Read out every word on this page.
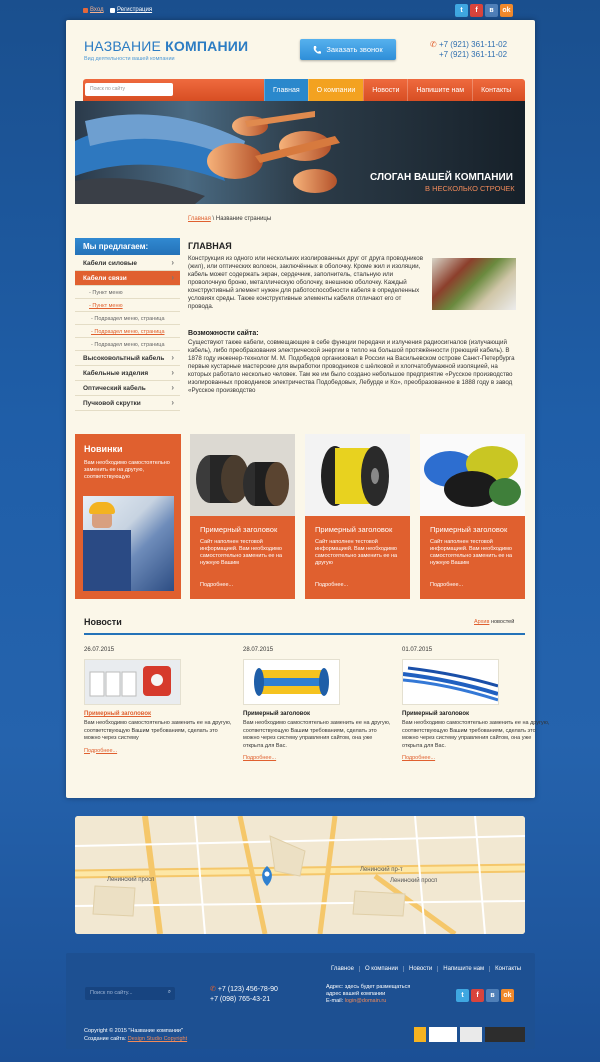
Вход Регистрация	t	f	в	ok
НАЗВАНИЕ КОМПАНИИ
Вид деятельности вашей компании
Заказать звонок
✆ +7 (921) 361-11-02
+7 (921) 361-11-02
Поиск по сайту	Главная	О компании	Новости	Напишите нам	Контакты
СЛОГАН ВАШЕЙ КОМПАНИИ
В НЕСКОЛЬКО СТРОЧЕК
Главная \ Название страницы
Мы предлагаем:
Кабели силовые ›
Кабели связи ›
- Пункт меню
- Пункт меню
- Подраздел меню, страница
- Подраздел меню, страница
- Подраздел меню, страница
Высоковольтный кабель ›
Кабельные изделия ›
Оптический кабель ›
Пучковой скрутки ›
ГЛАВНАЯ
Конструкция из одного или нескольких изолированных друг от друга проводников (жил), или оптических волокон, заключённых в оболочку. Кроме жил и изоляции, кабель может содержать экран, сердечник, заполнитель, стальную или проволочную броню, металлическую оболочку, внешнюю оболочку. Каждый конструктивный элемент нужен для работоспособности кабеля в определенных условиях среды. Также конструктивные элементы кабеля отличают его от провода.
Возможности сайта:
Существуют также кабели, совмещающие в себе функции передачи и излучения радиосигналов (излучающий кабель), либо преобразования электрической энергии в тепло на большой протяжённости (греющий кабель). В 1878 году инженер-технолог М. М. Подобедов организовал в России на Васильевском острове Санкт-Петербурга первые кустарные мастерские для выработки проводников с шёлковой и хлопчатобумажной изоляцией, на которых работало несколько человек. Там же им было создано небольшое предприятие «Русское производство изолированных проводников электричества Подобедовых, Лебурде и Ко», преобразованное в 1888 году в завод «Русское производство
Новинки
Вам необходимо самостоятельно заменить ее на другую, соответствующую
Примерный заголовок
Сайт наполнен тестовой информацией. Вам необходимо самостоятельно заменить ее на нужную Вашим
Подробнее...
Примерный заголовок
Сайт наполнен тестовой информацией. Вам необходимо самостоятельно заменить ее на другую
Подробнее...
Примерный заголовок
Сайт наполнен тестовой информацией. Вам необходимо самостоятельно заменить ее на нужную Вашим
Подробнее...
Новости	Архив новостей
26.07.2015
Примерный заголовок
Вам необходимо самостоятельно заменить ее на другую, соответствующую Вашим требованиям, сделать это можно через систему
Подробнее...
28.07.2015
Примерный заголовок
Вам необходимо самостоятельно заменить ее на другую, соответствующую Вашим требованиям, сделать это можно через систему управления сайтом, она уже открыта для Вас.
Подробнее...
01.07.2015
Примерный заголовок
Вам необходимо самостоятельно заменить ее на другую, соответствующую Вашим требованиям, сделать это можно через систему управления сайтом, она уже открыта для Вас.
Подробнее...
Ленинский просп
Ленинский пр-т
Ленинский просп
Главное	О компании	Новости	Напишите нам	Контакты
Поиск по сайту...	⌕	✆ +7 (123) 456-78-90
+7 (098) 765-43-21
Адрес: здесь будет размещаться
адрес вашей компании
E-mail: login@domain.ru
t	f	в	ok
Copyright © 2015 "Название компании"
Создание сайта: Design Studio Copyright
